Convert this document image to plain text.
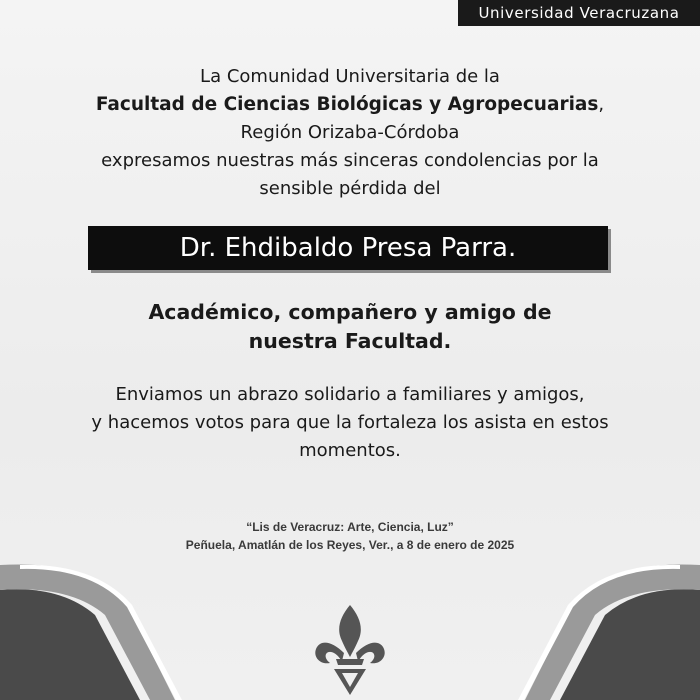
Universidad Veracruzana
La Comunidad Universitaria de la
Facultad de Ciencias Biológicas y Agropecuarias,
Región Orizaba-Córdoba
expresamos nuestras más sinceras condolencias por la
sensible pérdida del
Dr. Ehdibaldo Presa Parra.
Académico, compañero y amigo de
nuestra Facultad.
Enviamos un abrazo solidario a familiares y amigos,
y hacemos votos para que la fortaleza los asista en estos
momentos.
“Lis de Veracruz: Arte, Ciencia, Luz”
Peñuela, Amatlán de los Reyes, Ver., a 8 de enero de 2025
